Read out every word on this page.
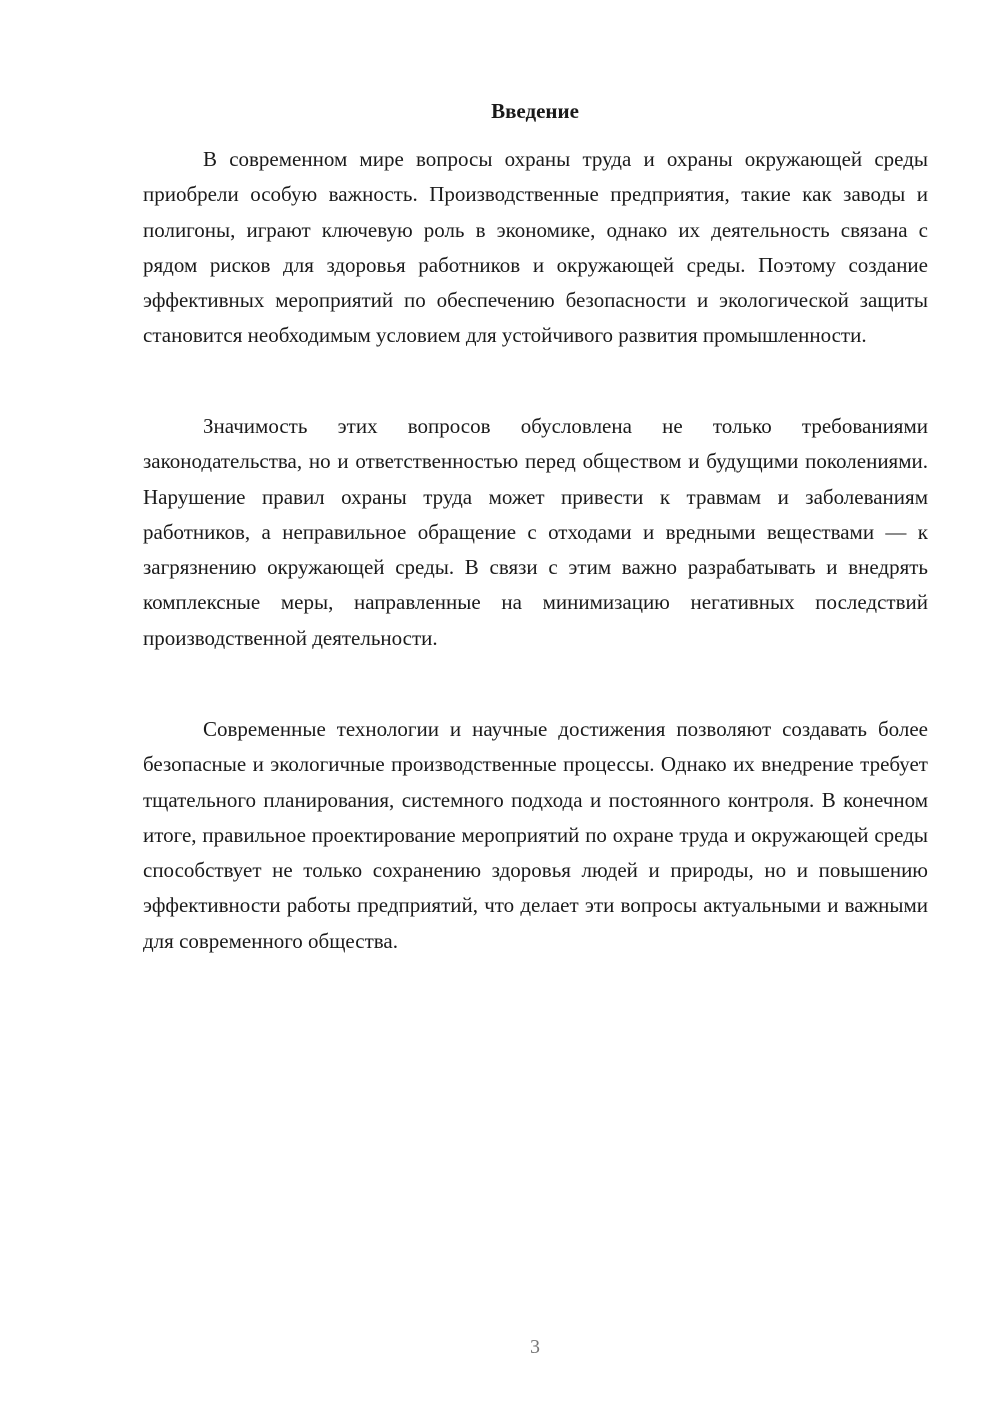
Введение

В современном мире вопросы охраны труда и охраны окружающей среды приобрели особую важность. Производственные предприятия, такие как заводы и полигоны, играют ключевую роль в экономике, однако их деятельность связана с рядом рисков для здоровья работников и окружающей среды. Поэтому создание эффективных мероприятий по обеспечению безопасности и экологической защиты становится необходимым условием для устойчивого развития промышленности.

Значимость этих вопросов обусловлена не только требованиями законодательства, но и ответственностью перед обществом и будущими поколениями. Нарушение правил охраны труда может привести к травмам и заболеваниям работников, а неправильное обращение с отходами и вредными веществами — к загрязнению окружающей среды. В связи с этим важно разрабатывать и внедрять комплексные меры, направленные на минимизацию негативных последствий производственной деятельности.

Современные технологии и научные достижения позволяют создавать более безопасные и экологичные производственные процессы. Однако их внедрение требует тщательного планирования, системного подхода и постоянного контроля. В конечном итоге, правильное проектирование мероприятий по охране труда и окружающей среды способствует не только сохранению здоровья людей и природы, но и повышению эффективности работы предприятий, что делает эти вопросы актуальными и важными для современного общества.

3
